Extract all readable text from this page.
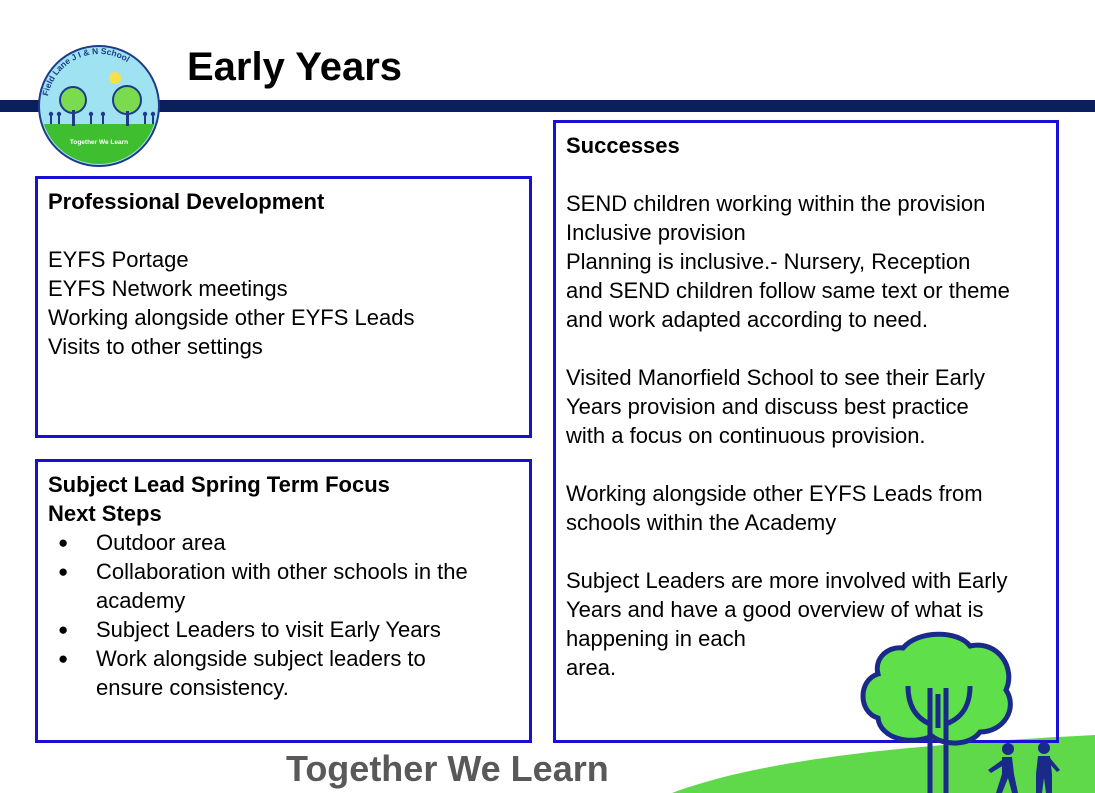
Field Lane J I & N School
Together We Learn
Early Years
Professional Development
EYFS Portage
EYFS Network meetings
Working alongside other EYFS Leads
Visits to other settings
Subject Lead Spring Term Focus
Next Steps
● Outdoor area
● Collaboration with other schools in the
academy
● Subject Leaders to visit Early Years
● Work alongside subject leaders to
ensure consistency.
Successes
SEND children working within the provision
Inclusive provision
Planning is inclusive.- Nursery, Reception
and SEND children follow same text or theme
and work adapted according to need.
Visited Manorfield School to see their Early
Years provision and discuss best practice
with a focus on continuous provision.
Working alongside other EYFS Leads from
schools within the Academy
Subject Leaders are more involved with Early
Years and have a good overview of what is
happening in each
area.
Together We Learn
